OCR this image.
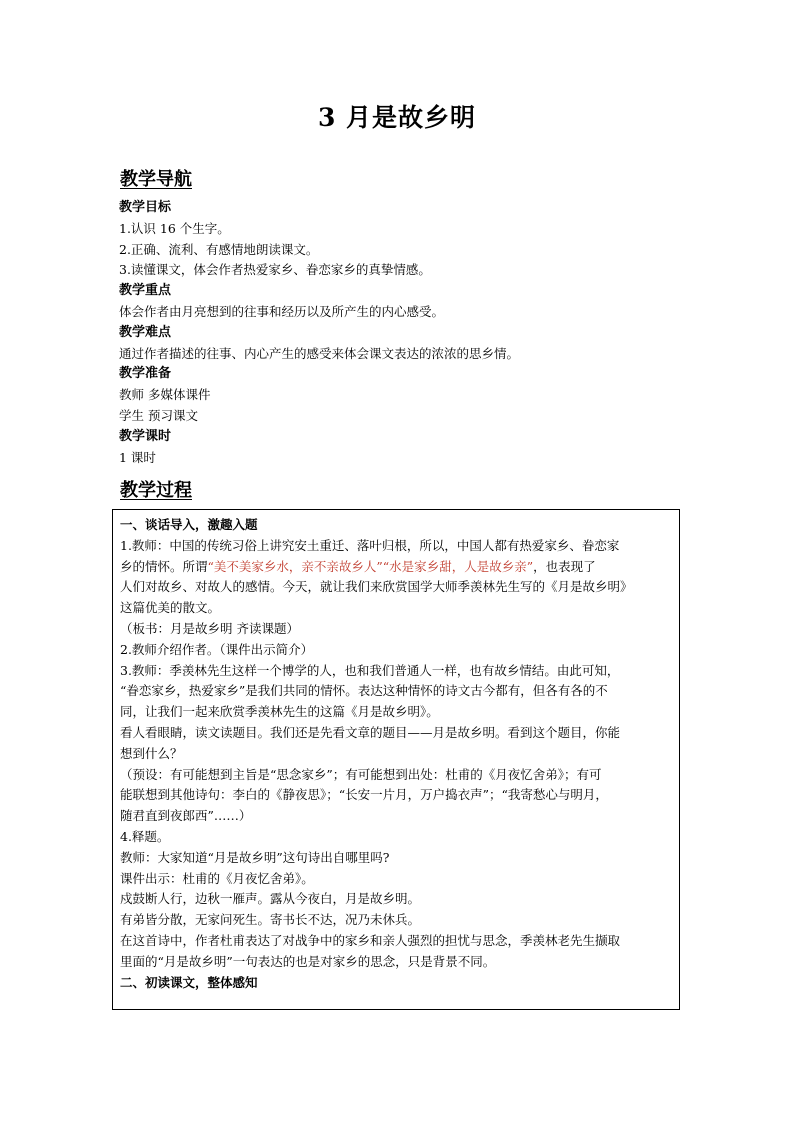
3 月是故乡明
教学导航

教学目标

1.认识 16 个生字。

2.正确、流利、有感情地朗读课文。

3.读懂课文，体会作者热爱家乡、眷恋家乡的真挚情感。

教学重点

体会作者由月亮想到的往事和经历以及所产生的内心感受。

教学难点

通过作者描述的往事、内心产生的感受来体会课文表达的浓浓的思乡情。

教学准备

教师 多媒体课件

学生 预习课文

教学课时

1 课时

教学过程
一、谈话导入，激趣入题
1.教师：中国的传统习俗上讲究安土重迁、落叶归根，所以，中国人都有热爱家乡、眷恋家
乡的情怀。所谓“美不美家乡水，亲不亲故乡人”“水是家乡甜，人是故乡亲”，也表现了
人们对故乡、对故人的感情。今天，就让我们来欣赏国学大师季羡林先生写的《月是故乡明》
这篇优美的散文。
（板书：月是故乡明 齐读课题）
2.教师介绍作者。（课件出示简介）
3.教师：季羡林先生这样一个博学的人，也和我们普通人一样，也有故乡情结。由此可知，
“眷恋家乡，热爱家乡”是我们共同的情怀。表达这种情怀的诗文古今都有，但各有各的不
同，让我们一起来欣赏季羡林先生的这篇《月是故乡明》。
看人看眼睛，读文读题目。我们还是先看文章的题目——月是故乡明。看到这个题目，你能
想到什么？
（预设：有可能想到主旨是“思念家乡”；有可能想到出处：杜甫的《月夜忆舍弟》；有可
能联想到其他诗句：李白的《静夜思》；“长安一片月，万户捣衣声”；“我寄愁心与明月，
随君直到夜郎西”……）
4.释题。
教师：大家知道“月是故乡明”这句诗出自哪里吗?
课件出示：杜甫的《月夜忆舍弟》。
戍鼓断人行，边秋一雁声。露从今夜白，月是故乡明。
有弟皆分散，无家问死生。寄书长不达，况乃未休兵。
在这首诗中，作者杜甫表达了对战争中的家乡和亲人强烈的担忧与思念，季羡林老先生撷取
里面的“月是故乡明”一句表达的也是对家乡的思念，只是背景不同。
二、初读课文，整体感知
